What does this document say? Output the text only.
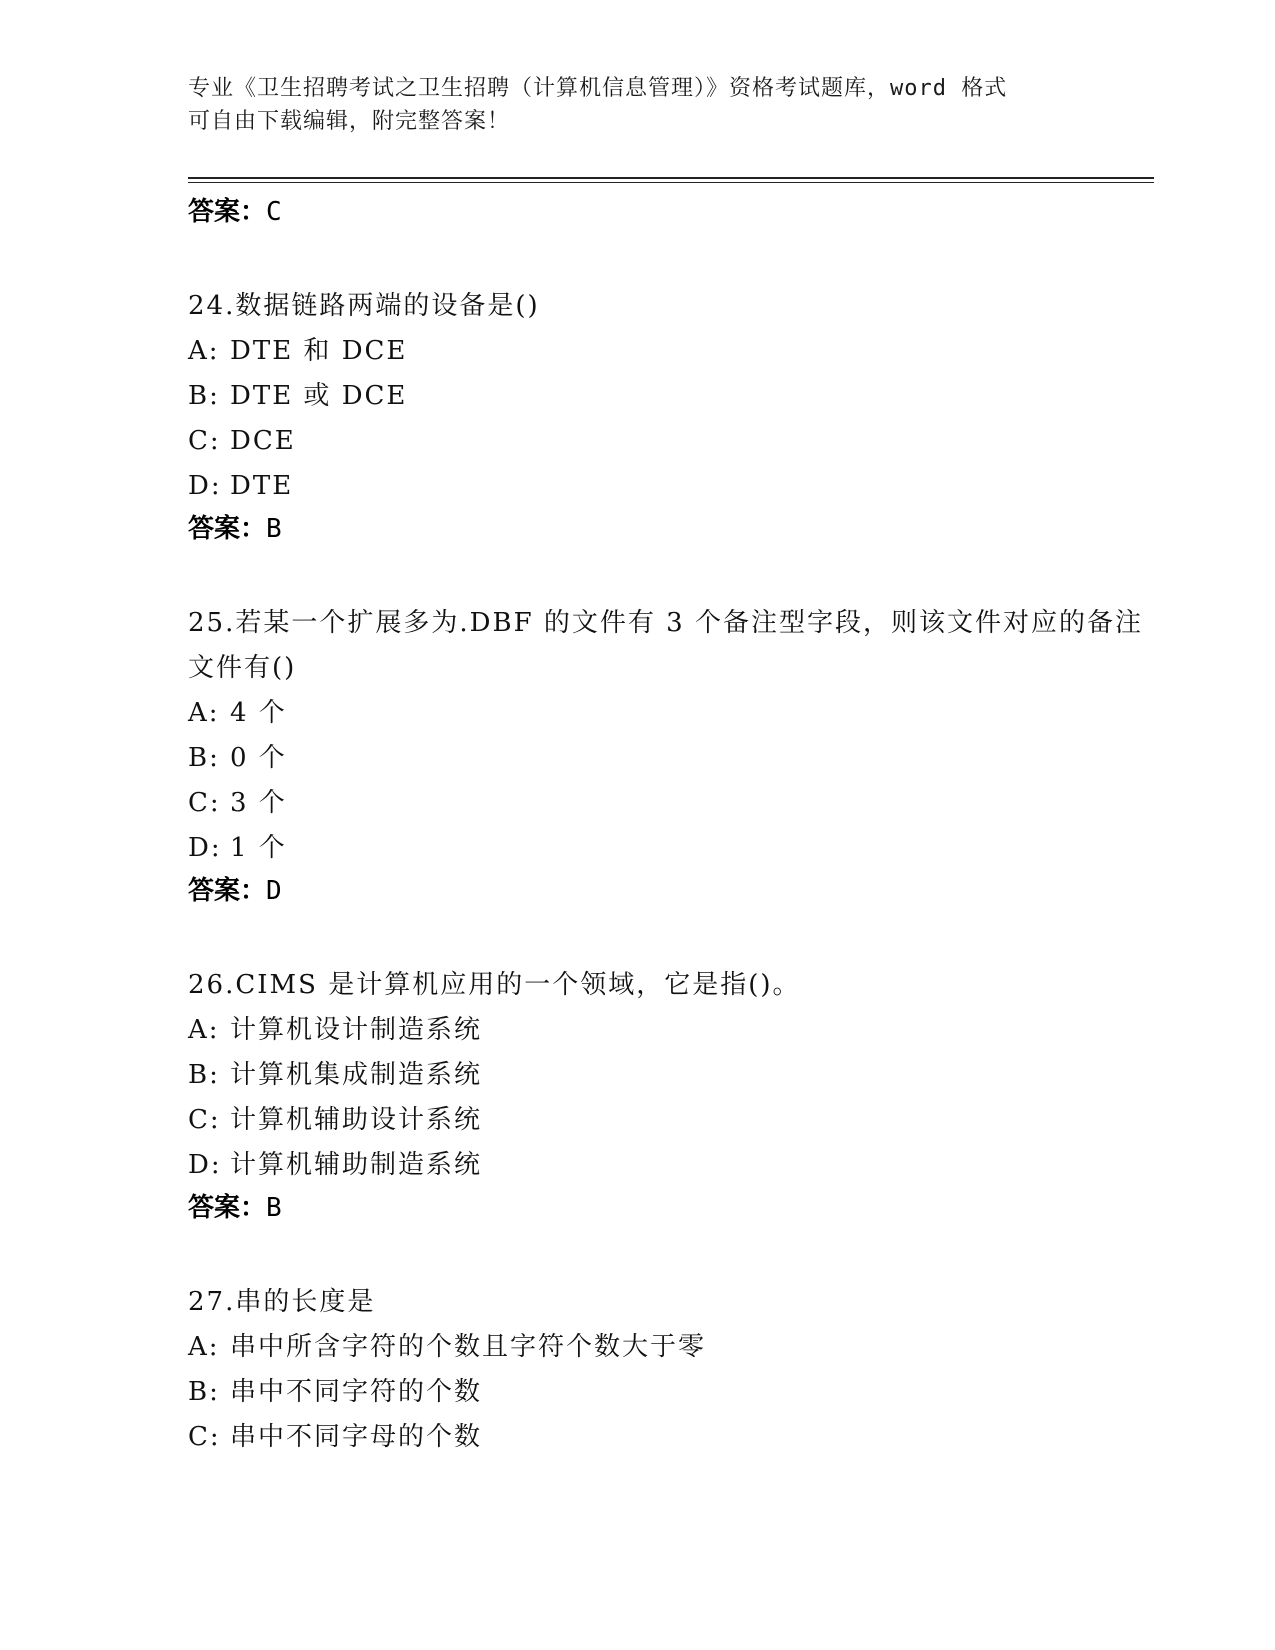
专业《卫生招聘考试之卫生招聘（计算机信息管理）》资格考试题库，word 格式
可自由下载编辑，附完整答案！
答案：C
24.数据链路两端的设备是()
A: DTE 和 DCE
B: DTE 或 DCE
C: DCE
D: DTE
答案：B
25.若某一个扩展多为.DBF 的文件有 3 个备注型字段，则该文件对应的备注文件有()
A: 4 个
B: 0 个
C: 3 个
D: 1 个
答案：D
26.CIMS 是计算机应用的一个领域，它是指()。
A: 计算机设计制造系统
B: 计算机集成制造系统
C: 计算机辅助设计系统
D: 计算机辅助制造系统
答案：B
27.串的长度是
A: 串中所含字符的个数且字符个数大于零
B: 串中不同字符的个数
C: 串中不同字母的个数
